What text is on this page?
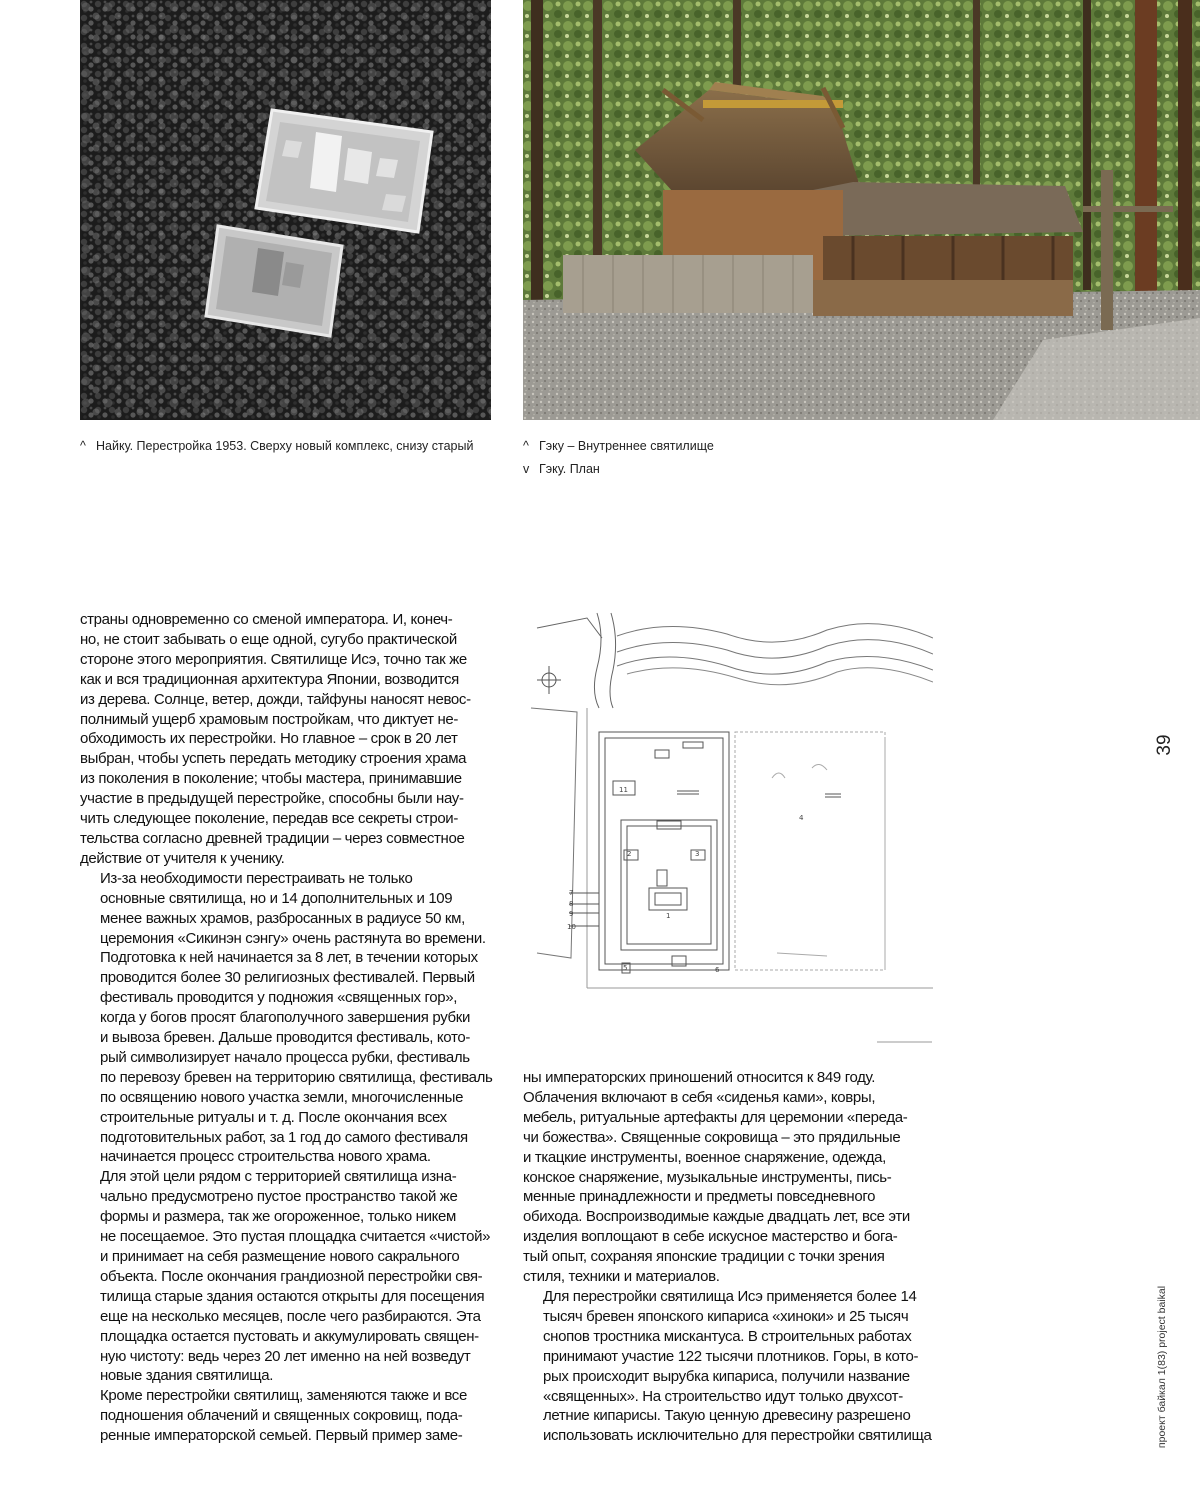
^ Найку. Перестройка 1953. Сверху новый комплекс, снизу старый	^ Гэку – Внутреннее святилище
v Гэку. План

страны одновременно со сменой императора. И, конеч-
но, не стоит забывать о еще одной, сугубо практической
стороне этого мероприятия. Святилище Исэ, точно так же
как и вся традиционная архитектура Японии, возводится
из дерева. Солнце, ветер, дожди, тайфуны наносят невос-
полнимый ущерб храмовым постройкам, что диктует не-
обходимость их перестройки. Но главное – срок в 20 лет
выбран, чтобы успеть передать методику строения храма
из поколения в поколение; чтобы мастера, принимавшие
участие в предыдущей перестройке, способны были нау-
чить следующее поколение, передав все секреты строи-
тельства согласно древней традиции – через совместное
действие от учителя к ученику.

Из-за необходимости перестраивать не только
основные святилища, но и 14 дополнительных и 109
менее важных храмов, разбросанных в радиусе 50 км,
церемония «Сикинэн сэнгу» очень растянута во времени.
Подготовка к ней начинается за 8 лет, в течении которых
проводится более 30 религиозных фестивалей. Первый
фестиваль проводится у подножия «священных гор»,
когда у богов просят благополучного завершения рубки
и вывоза бревен. Дальше проводится фестиваль, кото-
рый символизирует начало процесса рубки, фестиваль
по перевозу бревен на территорию святилища, фестиваль
по освящению нового участка земли, многочисленные
строительные ритуалы и т. д. После окончания всех
подготовительных работ, за 1 год до самого фестиваля
начинается процесс строительства нового храма.

Для этой цели рядом с территорией святилища изна-
чально предусмотрено пустое пространство такой же
формы и размера, так же огороженное, только никем
не посещаемое. Это пустая площадка считается «чистой»
и принимает на себя размещение нового сакрального
объекта. После окончания грандиозной перестройки свя-
тилища старые здания остаются открыты для посещения
еще на несколько месяцев, после чего разбираются. Эта
площадка остается пустовать и аккумулировать священ-
ную чистоту: ведь через 20 лет именно на ней возведут
новые здания святилища.

Кроме перестройки святилищ, заменяются также и все
подношения облачений и священных сокровищ, пода-
ренные императорской семьей. Первый пример заме-

1
2	3
4
5	6
7
8
9
10
11

ны императорских приношений относится к 849 году.
Облачения включают в себя «сиденья ками», ковры,
мебель, ритуальные артефакты для церемонии «переда-
чи божества». Священные сокровища – это прядильные
и ткацкие инструменты, военное снаряжение, одежда,
конское снаряжение, музыкальные инструменты, пись-
менные принадлежности и предметы повседневного
обихода. Воспроизводимые каждые двадцать лет, все эти
изделия воплощают в себе искусное мастерство и бога-
тый опыт, сохраняя японские традиции с точки зрения
стиля, техники и материалов.

Для перестройки святилища Исэ применяется более 14
тысяч бревен японского кипариса «хиноки» и 25 тысяч
снопов тростника мискантуса. В строительных работах
принимают участие 122 тысячи плотников. Горы, в кото-
рых происходит вырубка кипариса, получили название
«священных». На строительство идут только двухсот-
летние кипарисы. Такую ценную древесину разрешено
использовать исключительно для перестройки святилища

39
проект байкал 1(83) project baikal
